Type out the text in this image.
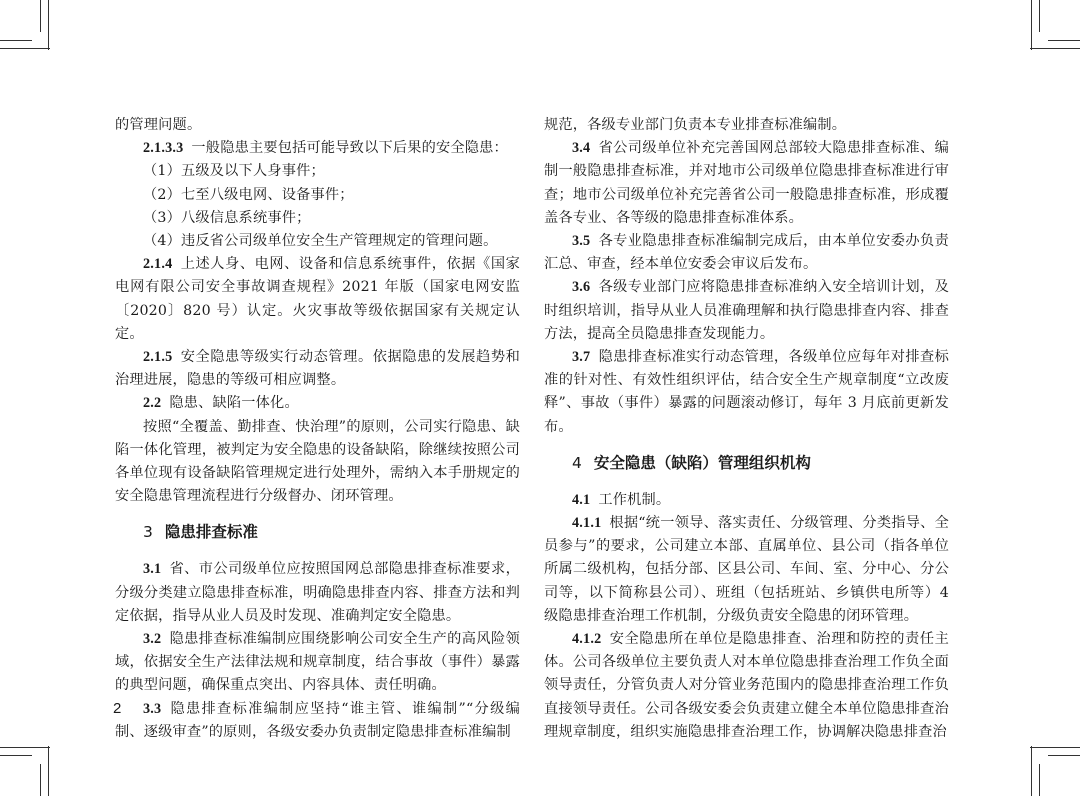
的管理问题。

2.1.3.3 一般隐患主要包括可能导致以下后果的安全隐患：

（1）五级及以下人身事件；

（2）七至八级电网、设备事件；

（3）八级信息系统事件；

（4）违反省公司级单位安全生产管理规定的管理问题。

2.1.4 上述人身、电网、设备和信息系统事件，依据《国家电网有限公司安全事故调查规程》2021 年版（国家电网安监〔2020〕820 号）认定。火灾事故等级依据国家有关规定认定。

2.1.5 安全隐患等级实行动态管理。依据隐患的发展趋势和治理进展，隐患的等级可相应调整。

2.2 隐患、缺陷一体化。

按照“全覆盖、勤排查、快治理”的原则，公司实行隐患、缺陷一体化管理，被判定为安全隐患的设备缺陷，除继续按照公司各单位现有设备缺陷管理规定进行处理外，需纳入本手册规定的安全隐患管理流程进行分级督办、闭环管理。

3 隐患排查标准

3.1 省、市公司级单位应按照国网总部隐患排查标准要求，分级分类建立隐患排查标准，明确隐患排查内容、排查方法和判定依据，指导从业人员及时发现、准确判定安全隐患。

3.2 隐患排查标准编制应围绕影响公司安全生产的高风险领域，依据安全生产法律法规和规章制度，结合事故（事件）暴露的典型问题，确保重点突出、内容具体、责任明确。

3.3 隐患排查标准编制应坚持“谁主管、谁编制”“分级编制、逐级审查”的原则，各级安委办负责制定隐患排查标准编制

规范，各级专业部门负责本专业排查标准编制。

3.4 省公司级单位补充完善国网总部较大隐患排查标准、编制一般隐患排查标准，并对地市公司级单位隐患排查标准进行审查；地市公司级单位补充完善省公司一般隐患排查标准，形成覆盖各专业、各等级的隐患排查标准体系。

3.5 各专业隐患排查标准编制完成后，由本单位安委办负责汇总、审查，经本单位安委会审议后发布。

3.6 各级专业部门应将隐患排查标准纳入安全培训计划，及时组织培训，指导从业人员准确理解和执行隐患排查内容、排查方法，提高全员隐患排查发现能力。

3.7 隐患排查标准实行动态管理，各级单位应每年对排查标准的针对性、有效性组织评估，结合安全生产规章制度“立改废释”、事故（事件）暴露的问题滚动修订，每年 3 月底前更新发布。

4 安全隐患（缺陷）管理组织机构

4.1 工作机制。

4.1.1 根据“统一领导、落实责任、分级管理、分类指导、全员参与”的要求，公司建立本部、直属单位、县公司（指各单位所属二级机构，包括分部、区县公司、车间、室、分中心、分公司等，以下简称县公司）、班组（包括班站、乡镇供电所等）4 级隐患排查治理工作机制，分级负责安全隐患的闭环管理。

4.1.2 安全隐患所在单位是隐患排查、治理和防控的责任主体。公司各级单位主要负责人对本单位隐患排查治理工作负全面领导责任，分管负责人对分管业务范围内的隐患排查治理工作负直接领导责任。公司各级安委会负责建立健全本单位隐患排查治理规章制度，组织实施隐患排查治理工作，协调解决隐患排查治

2
